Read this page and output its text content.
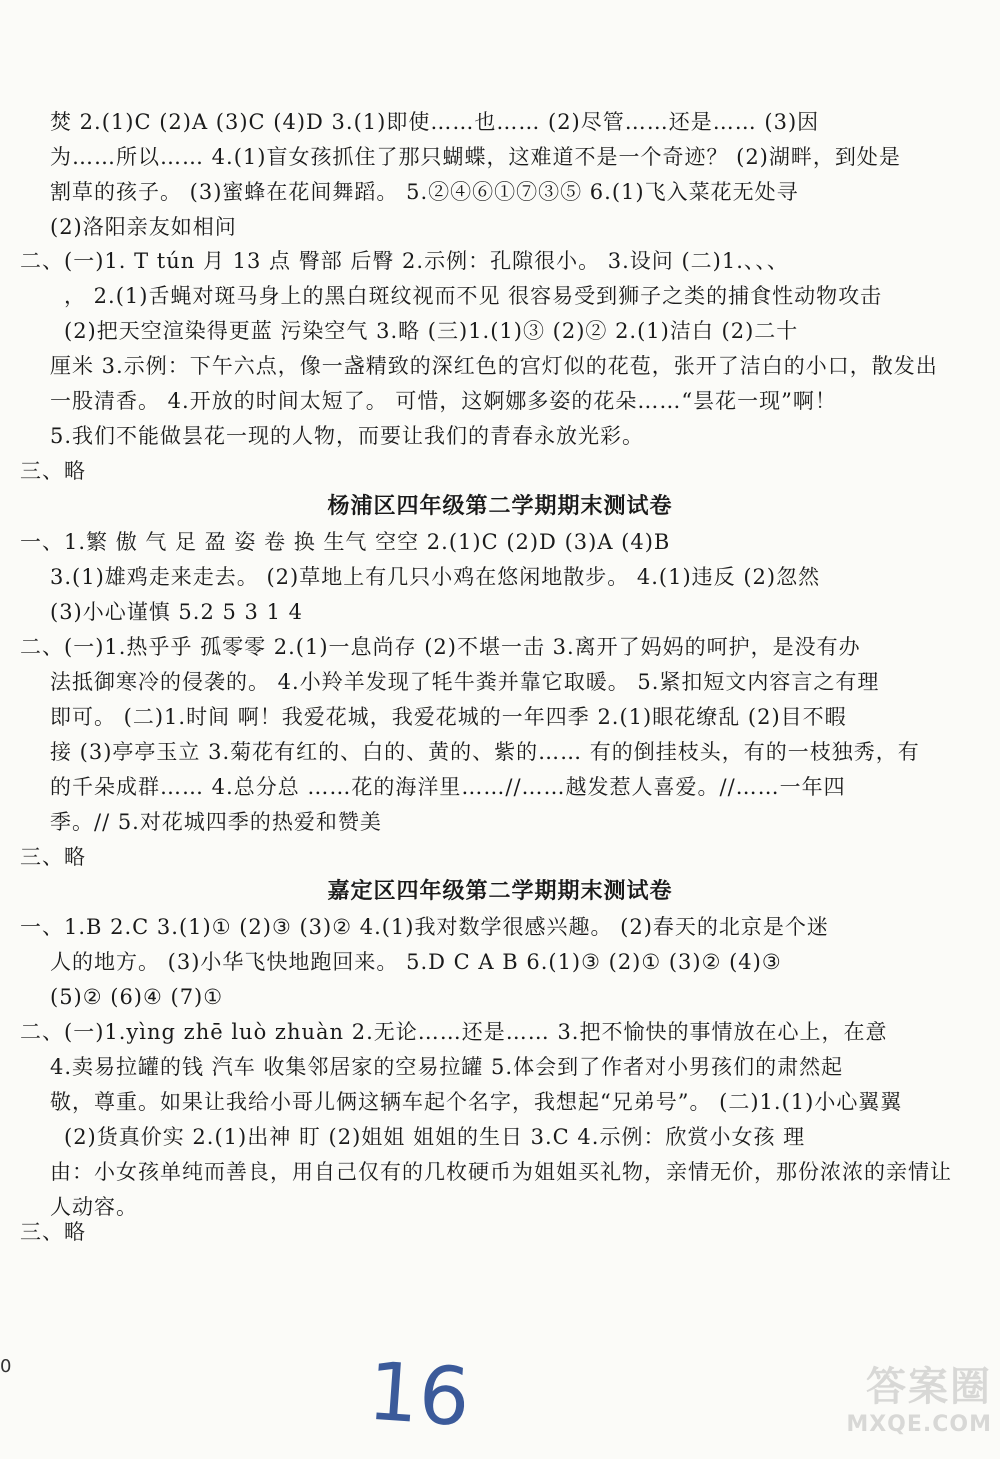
焚 2.(1)C (2)A (3)C (4)D 3.(1)即使……也…… (2)尽管……还是…… (3)因
为……所以…… 4.(1)盲女孩抓住了那只蝴蝶，这难道不是一个奇迹？ (2)湖畔，到处是
割草的孩子。 (3)蜜蜂在花间舞蹈。 5.②④⑥①⑦③⑤ 6.(1)飞入菜花无处寻
(2)洛阳亲友如相问
二、(一)1. T tún 月 13 点 臀部 后臀 2.示例：孔隙很小。 3.设问 (二)1.、、、
， 2.(1)舌蝇对斑马身上的黑白斑纹视而不见 很容易受到狮子之类的捕食性动物攻击
(2)把天空渲染得更蓝 污染空气 3.略 (三)1.(1)③ (2)② 2.(1)洁白 (2)二十
厘米 3.示例：下午六点，像一盏精致的深红色的宫灯似的花苞，张开了洁白的小口，散发出
一股清香。 4.开放的时间太短了。 可惜，这婀娜多姿的花朵……“昙花一现”啊！
5.我们不能做昙花一现的人物，而要让我们的青春永放光彩。
三、略
杨浦区四年级第二学期期末测试卷
一、1.繁 傲 气 足 盈 姿 卷 换 生气 空空 2.(1)C (2)D (3)A (4)B
3.(1)雄鸡走来走去。 (2)草地上有几只小鸡在悠闲地散步。 4.(1)违反 (2)忽然
(3)小心谨慎 5.2 5 3 1 4
二、(一)1.热乎乎 孤零零 2.(1)一息尚存 (2)不堪一击 3.离开了妈妈的呵护，是没有办
法抵御寒冷的侵袭的。 4.小羚羊发现了牦牛粪并靠它取暖。 5.紧扣短文内容言之有理
即可。 (二)1.时间 啊！我爱花城，我爱花城的一年四季 2.(1)眼花缭乱 (2)目不暇
接 (3)亭亭玉立 3.菊花有红的、白的、黄的、紫的…… 有的倒挂枝头，有的一枝独秀，有
的千朵成群…… 4.总分总 ……花的海洋里……//……越发惹人喜爱。//……一年四
季。// 5.对花城四季的热爱和赞美
三、略
嘉定区四年级第二学期期末测试卷
一、1.B 2.C 3.(1)① (2)③ (3)② 4.(1)我对数学很感兴趣。 (2)春天的北京是个迷
人的地方。 (3)小华飞快地跑回来。 5.D C A B 6.(1)③ (2)① (3)② (4)③
(5)② (6)④ (7)①
二、(一)1.yìng zhē luò zhuàn 2.无论……还是…… 3.把不愉快的事情放在心上，在意
4.卖易拉罐的钱 汽车 收集邻居家的空易拉罐 5.体会到了作者对小男孩们的肃然起
敬，尊重。如果让我给小哥儿俩这辆车起个名字，我想起“兄弟号”。 (二)1.(1)小心翼翼
(2)货真价实 2.(1)出神 盯 (2)姐姐 姐姐的生日 3.C 4.示例：欣赏小女孩 理
由：小女孩单纯而善良，用自己仅有的几枚硬币为姐姐买礼物，亲情无价，那份浓浓的亲情让
人动容。
三、略
0	16	答案圈
MXQE.COM
